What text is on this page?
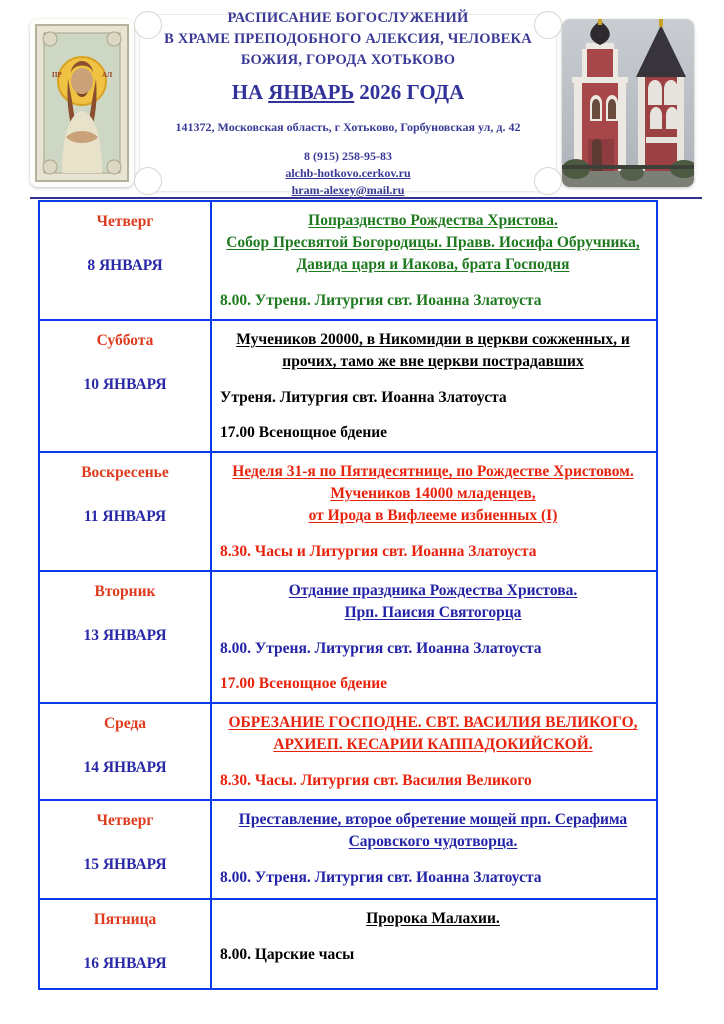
ПР	АЛ
РАСПИСАНИЕ БОГОСЛУЖЕНИЙ
В ХРАМЕ ПРЕПОДОБНОГО АЛЕКСИЯ, ЧЕЛОВЕКА
БОЖИЯ, ГОРОДА ХОТЬКОВО
НА ЯНВАРЬ 2026 ГОДА
141372, Московская область, г Хотьково, Горбуновская ул, д. 42
8 (915) 258-95-83
alchb-hotkovo.cerkov.ru
hram-alexey@mail.ru
Четверг
8 ЯНВАРЯ
Попразднство Рождества Христова.
Собор Пресвятой Богородицы. Правв. Иосифа Обручника,
Давида царя и Иакова, брата Господня
8.00. Утреня. Литургия свт. Иоанна Златоуста
Суббота
10 ЯНВАРЯ
Мучеников 20000, в Никомидии в церкви сожженных, и
прочих, тамо же вне церкви пострадавших
Утреня. Литургия свт. Иоанна Златоуста
17.00 Всенощное бдение
Воскресенье
11 ЯНВАРЯ
Неделя 31-я по Пятидесятнице, по Рождестве Христовом.
Мучеников 14000 младенцев,
от Ирода в Вифлееме избиенных (I)
8.30. Часы и Литургия свт. Иоанна Златоуста
Вторник
13 ЯНВАРЯ
Отдание праздника Рождества Христова.
Прп. Паисия Святогорца
8.00. Утреня. Литургия свт. Иоанна Златоуста
17.00 Всенощное бдение
Среда
14 ЯНВАРЯ
ОБРЕЗАНИЕ ГОСПОДНЕ. СВТ. ВАСИЛИЯ ВЕЛИКОГО,
АРХИЕП. КЕСАРИИ КАППАДОКИЙСКОЙ.
8.30. Часы. Литургия свт. Василия Великого
Четверг
15 ЯНВАРЯ
Преставление, второе обретение мощей прп. Серафима
Саровского чудотворца.
8.00. Утреня. Литургия свт. Иоанна Златоуста
Пятница
16 ЯНВАРЯ
Пророка Малахии.
8.00. Царские часы
